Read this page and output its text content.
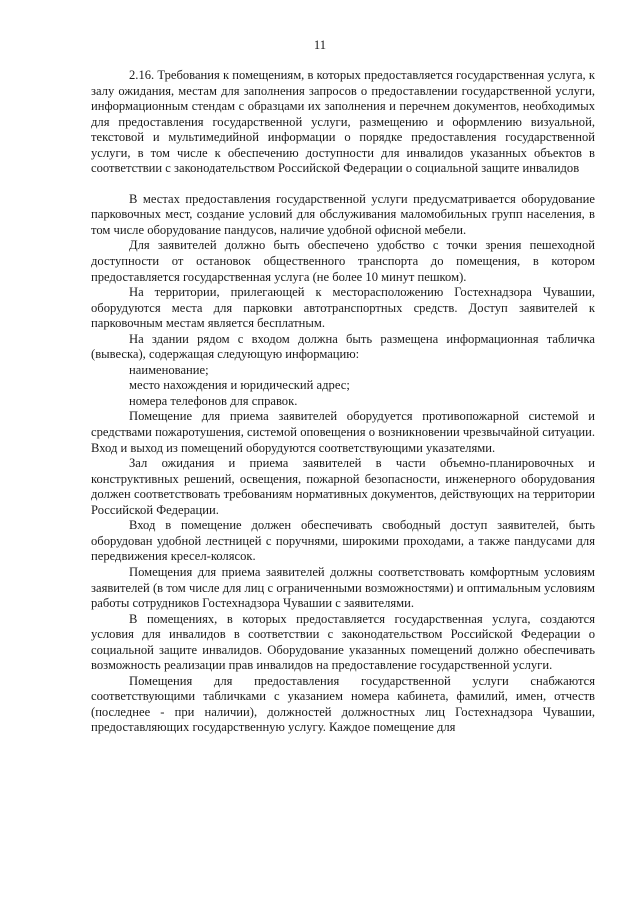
11

2.16. Требования к помещениям, в которых предоставляется государственная услуга, к залу ожидания, местам для заполнения запросов о предоставлении государственной услуги, информационным стендам с образцами их заполнения и перечнем документов, необходимых для предоставления государственной услуги, размещению и оформлению визуальной, текстовой и мультимедийной информации о порядке предоставления государственной услуги, в том числе к обеспечению доступности для инвалидов указанных объектов в соответствии с законодательством Российской Федерации о социальной защите инвалидов

В местах предоставления государственной услуги предусматривается оборудование парковочных мест, создание условий для обслуживания маломобильных групп населения, в том числе оборудование пандусов, наличие удобной офисной мебели.

Для заявителей должно быть обеспечено удобство с точки зрения пешеходной доступности от остановок общественного транспорта до помещения, в котором предоставляется государственная услуга (не более 10 минут пешком).

На территории, прилегающей к месторасположению Гостехнадзора Чувашии, оборудуются места для парковки автотранспортных средств. Доступ заявителей к парковочным местам является бесплатным.

На здании рядом с входом должна быть размещена информационная табличка (вывеска), содержащая следующую информацию:

наименование;

место нахождения и юридический адрес;

номера телефонов для справок.

Помещение для приема заявителей оборудуется противопожарной системой и средствами пожаротушения, системой оповещения о возникновении чрезвычайной ситуации. Вход и выход из помещений оборудуются соответствующими указателями.

Зал ожидания и приема заявителей в части объемно-планировочных и конструктивных решений, освещения, пожарной безопасности, инженерного оборудования должен соответствовать требованиям нормативных документов, действующих на территории Российской Федерации.

Вход в помещение должен обеспечивать свободный доступ заявителей, быть оборудован удобной лестницей с поручнями, широкими проходами, а также пандусами для передвижения кресел-колясок.

Помещения для приема заявителей должны соответствовать комфортным условиям заявителей (в том числе для лиц с ограниченными возможностями) и оптимальным условиям работы сотрудников Гостехнадзора Чувашии с заявителями.

В помещениях, в которых предоставляется государственная услуга, создаются условия для инвалидов в соответствии с законодательством Российской Федерации о социальной защите инвалидов. Оборудование указанных помещений должно обеспечивать возможность реализации прав инвалидов на предоставление государственной услуги.

Помещения для предоставления государственной услуги снабжаются соответствующими табличками с указанием номера кабинета, фамилий, имен, отчеств (последнее - при наличии), должностей должностных лиц Гостехнадзора Чувашии, предоставляющих государственную услугу. Каждое помещение для
